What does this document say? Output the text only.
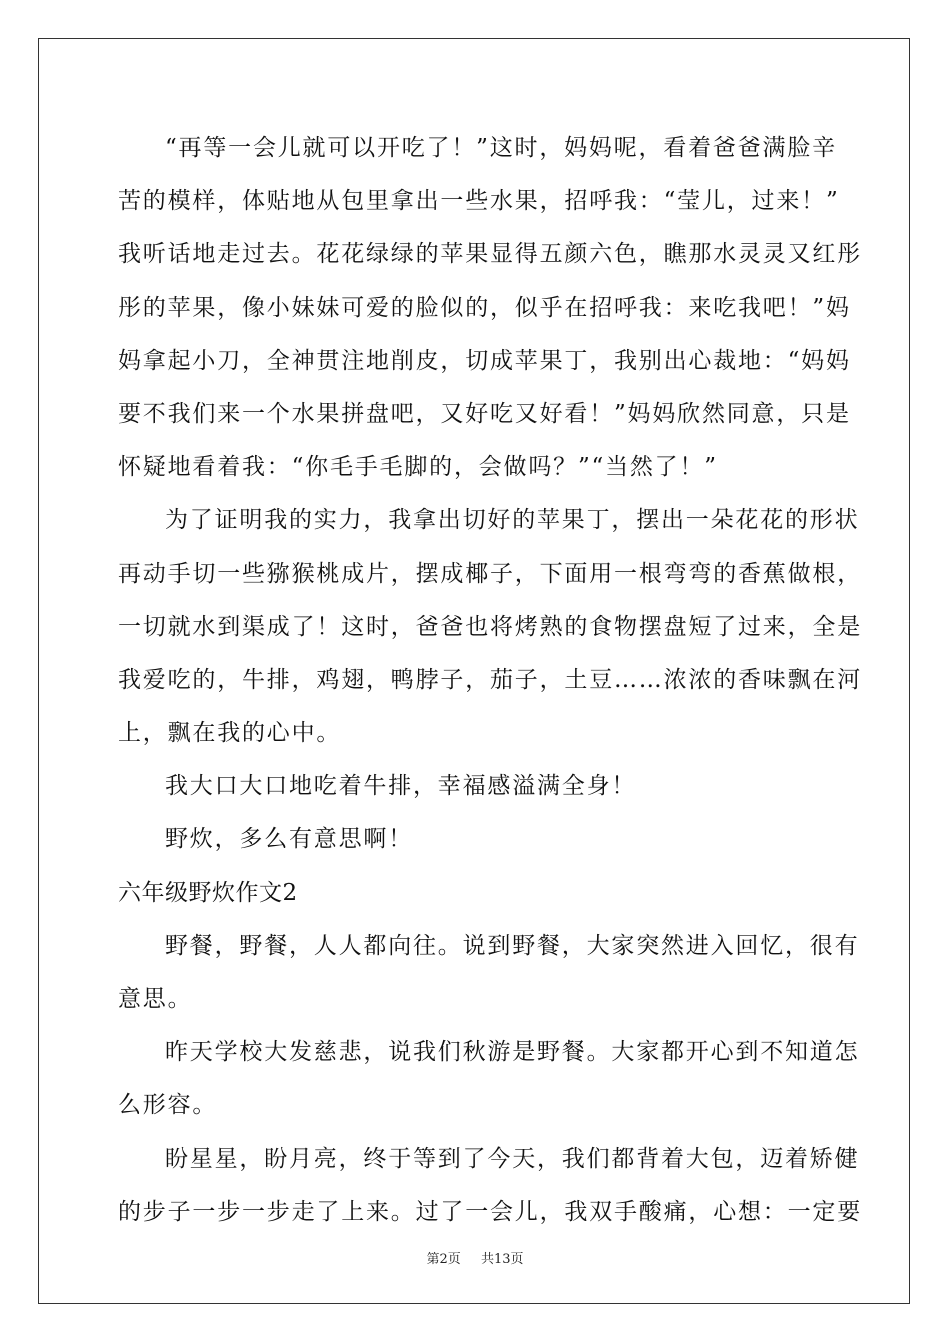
“再等一会儿就可以开吃了！”这时，妈妈呢，看着爸爸满脸辛
苦的模样，体贴地从包里拿出一些水果，招呼我：“莹儿，过来！”
我听话地走过去。花花绿绿的苹果显得五颜六色，瞧那水灵灵又红彤
彤的苹果，像小妹妹可爱的脸似的，似乎在招呼我：来吃我吧！”妈
妈拿起小刀，全神贯注地削皮，切成苹果丁，我别出心裁地：“妈妈
要不我们来一个水果拼盘吧，又好吃又好看！”妈妈欣然同意，只是
怀疑地看着我：“你毛手毛脚的，会做吗？”“当然了！”
为了证明我的实力，我拿出切好的苹果丁，摆出一朵花花的形状
再动手切一些猕猴桃成片，摆成椰子，下面用一根弯弯的香蕉做根，
一切就水到渠成了！这时，爸爸也将烤熟的食物摆盘短了过来，全是
我爱吃的，牛排，鸡翅，鸭脖子，茄子，土豆……浓浓的香味飘在河
上，飘在我的心中。
我大口大口地吃着牛排，幸福感溢满全身！
野炊，多么有意思啊！
六年级野炊作文2
野餐，野餐，人人都向往。说到野餐，大家突然进入回忆，很有
意思。
昨天学校大发慈悲，说我们秋游是野餐。大家都开心到不知道怎
么形容。
盼星星，盼月亮，终于等到了今天，我们都背着大包，迈着矫健
的步子一步一步走了上来。过了一会儿，我双手酸痛，心想：一定要
第2页 共13页
